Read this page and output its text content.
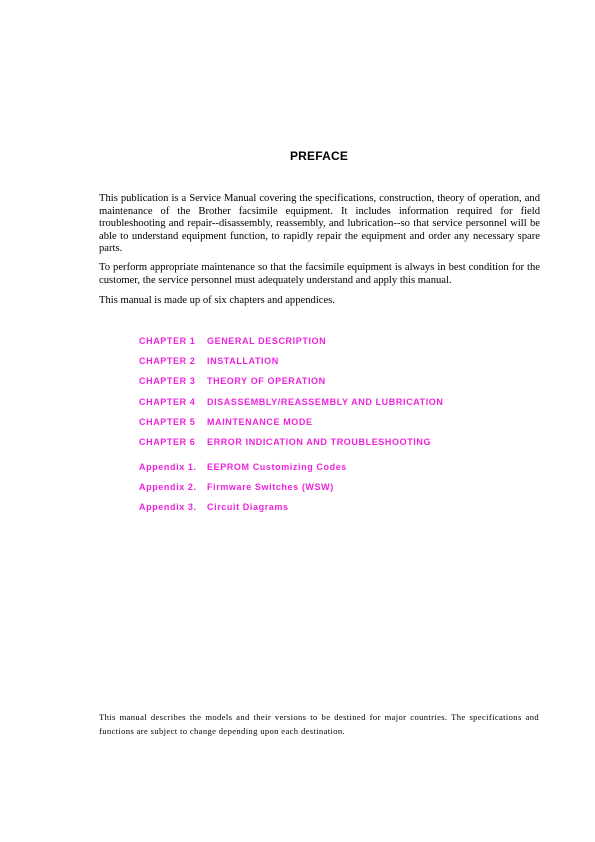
PREFACE

This publication is a Service Manual covering the specifications, construction, theory of operation, and maintenance of the Brother facsimile equipment. It includes information required for field troubleshooting and repair--disassembly, reassembly, and lubrication--so that service personnel will be able to understand equipment function, to rapidly repair the equipment and order any necessary spare parts.

To perform appropriate maintenance so that the facsimile equipment is always in best condition for the customer, the service personnel must adequately understand and apply this manual.

This manual is made up of six chapters and appendices.

CHAPTER 1 GENERAL DESCRIPTION
CHAPTER 2 INSTALLATION
CHAPTER 3 THEORY OF OPERATION
CHAPTER 4 DISASSEMBLY/REASSEMBLY AND LUBRICATION
CHAPTER 5 MAINTENANCE MODE
CHAPTER 6 ERROR INDICATION AND TROUBLESHOOTING
Appendix 1. EEPROM Customizing Codes
Appendix 2. Firmware Switches (WSW)
Appendix 3. Circuit Diagrams

This manual describes the models and their versions to be destined for major countries. The specifications and functions are subject to change depending upon each destination.
